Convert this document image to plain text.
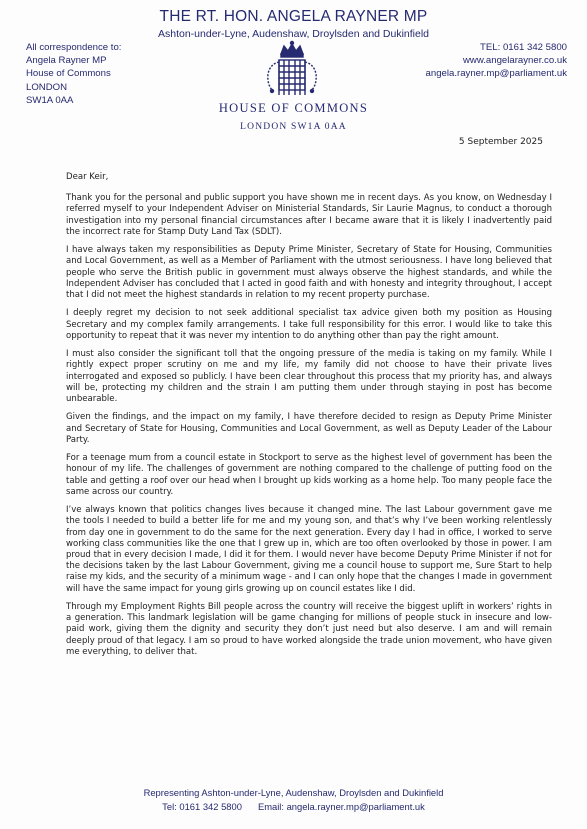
THE RT. HON. ANGELA RAYNER MP
Ashton-under-Lyne, Audenshaw, Droylsden and Dukinfield
All correspondence to:
Angela Rayner MP
House of Commons
LONDON
SW1A 0AA
TEL: 0161 342 5800
www.angelarayner.co.uk
angela.rayner.mp@parliament.uk
HOUSE OF COMMONS
LONDON SW1A 0AA
5 September 2025

Dear Keir,

Thank you for the personal and public support you have shown me in recent days. As you know, on Wednesday I referred myself to your Independent Adviser on Ministerial Standards, Sir Laurie Magnus, to conduct a thorough investigation into my personal financial circumstances after I became aware that it is likely I inadvertently paid the incorrect rate for Stamp Duty Land Tax (SDLT).

I have always taken my responsibilities as Deputy Prime Minister, Secretary of State for Housing, Communities and Local Government, as well as a Member of Parliament with the utmost seriousness. I have long believed that people who serve the British public in government must always observe the highest standards, and while the Independent Adviser has concluded that I acted in good faith and with honesty and integrity throughout, I accept that I did not meet the highest standards in relation to my recent property purchase.

I deeply regret my decision to not seek additional specialist tax advice given both my position as Housing Secretary and my complex family arrangements. I take full responsibility for this error. I would like to take this opportunity to repeat that it was never my intention to do anything other than pay the right amount.

I must also consider the significant toll that the ongoing pressure of the media is taking on my family. While I rightly expect proper scrutiny on me and my life, my family did not choose to have their private lives interrogated and exposed so publicly. I have been clear throughout this process that my priority has, and always will be, protecting my children and the strain I am putting them under through staying in post has become unbearable.

Given the findings, and the impact on my family, I have therefore decided to resign as Deputy Prime Minister and Secretary of State for Housing, Communities and Local Government, as well as Deputy Leader of the Labour Party.

For a teenage mum from a council estate in Stockport to serve as the highest level of government has been the honour of my life. The challenges of government are nothing compared to the challenge of putting food on the table and getting a roof over our head when I brought up kids working as a home help. Too many people face the same across our country.

I’ve always known that politics changes lives because it changed mine. The last Labour government gave me the tools I needed to build a better life for me and my young son, and that’s why I’ve been working relentlessly from day one in government to do the same for the next generation. Every day I had in office, I worked to serve working class communities like the one that I grew up in, which are too often overlooked by those in power. I am proud that in every decision I made, I did it for them. I would never have become Deputy Prime Minister if not for the decisions taken by the last Labour Government, giving me a council house to support me, Sure Start to help raise my kids, and the security of a minimum wage - and I can only hope that the changes I made in government will have the same impact for young girls growing up on council estates like I did.

Through my Employment Rights Bill people across the country will receive the biggest uplift in workers’ rights in a generation. This landmark legislation will be game changing for millions of people stuck in insecure and low-paid work, giving them the dignity and security they don’t just need but also deserve. I am and will remain deeply proud of that legacy. I am so proud to have worked alongside the trade union movement, who have given me everything, to deliver that.

Representing Ashton-under-Lyne, Audenshaw, Droylsden and Dukinfield
Tel: 0161 342 5800 Email: angela.rayner.mp@parliament.uk
